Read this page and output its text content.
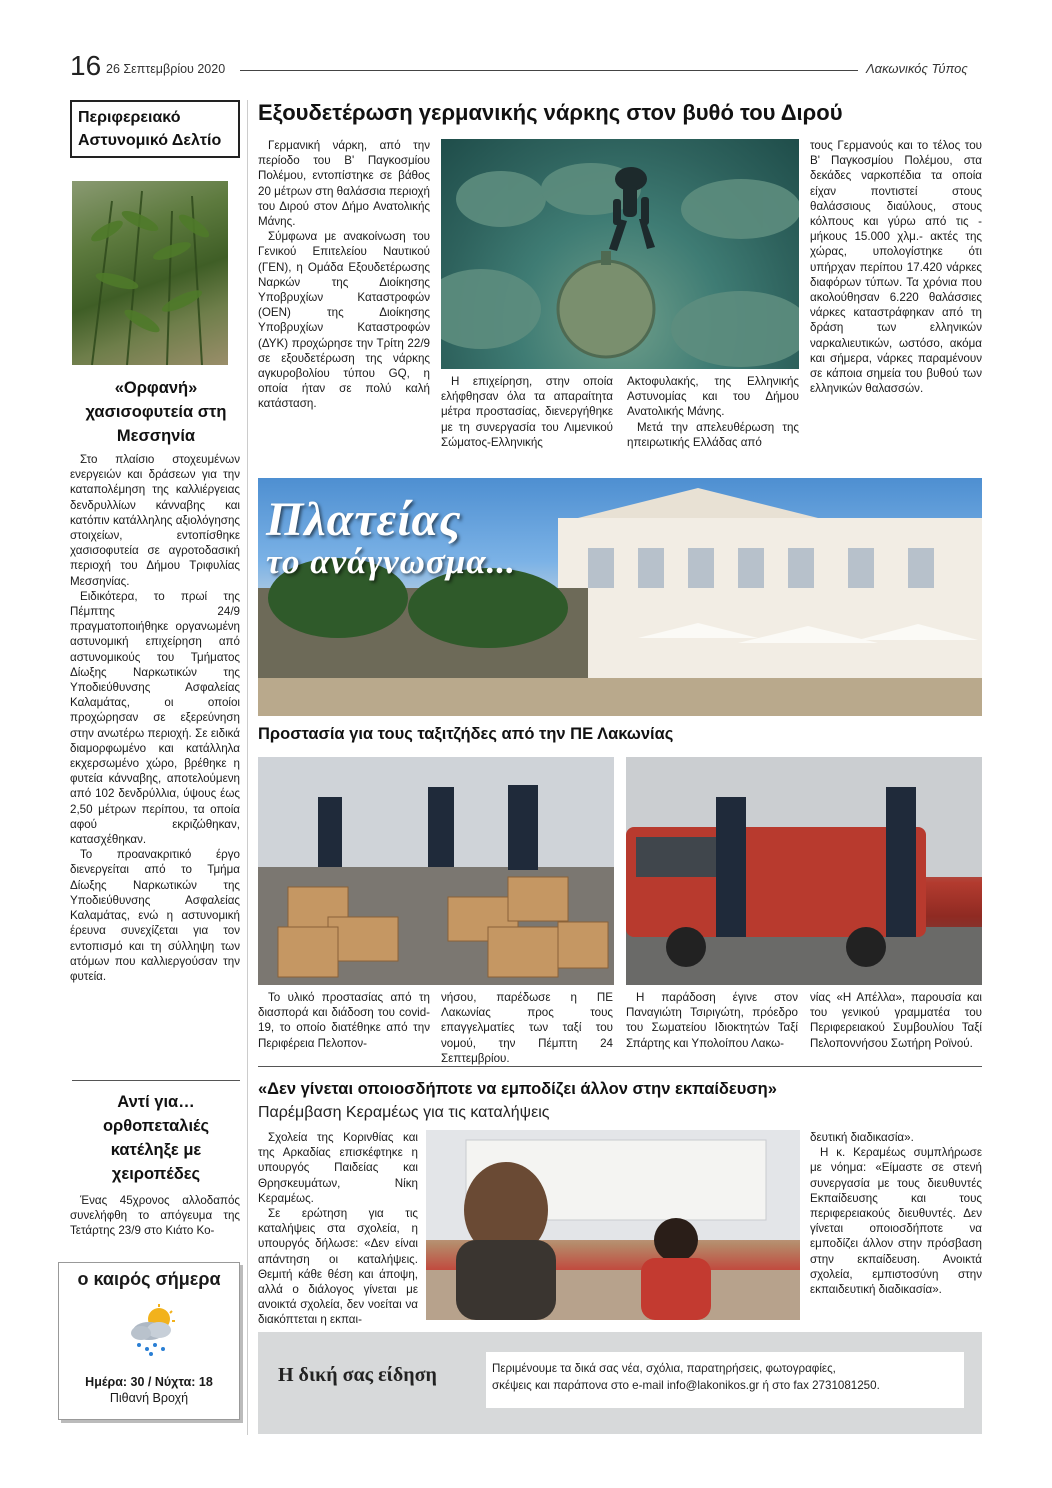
16 26 Σεπτεμβρίου 2020	Λακωνικός Τύπος
Περιφερειακό
Αστυνομικό Δελτίο
«Ορφανή» χασισοφυτεία στη Μεσσηνία

Στο πλαίσιο στοχευμένων ενεργειών και δράσεων για την καταπολέμηση της καλλιέργειας δενδρυλλίων κάνναβης και κατόπιν κατάλληλης αξιολόγησης στοιχείων, εντοπίσθηκε χασισοφυτεία σε αγροτοδασική περιοχή του Δήμου Τριφυλίας Μεσσηνίας.

Ειδικότερα, το πρωί της Πέμπτης 24/9 πραγματοποιήθηκε οργανωμένη αστυνομική επιχείρηση από αστυνομικούς του Τμήματος Δίωξης Ναρκωτικών της Υποδιεύθυνσης Ασφαλείας Καλαμάτας, οι οποίοι προχώρησαν σε εξερεύνηση στην ανωτέρω περιοχή. Σε ειδικά διαμορφωμένο και κατάλληλα εκχερσωμένο χώρο, βρέθηκε η φυτεία κάνναβης, αποτελούμενη από 102 δενδρύλλια, ύψους έως 2,50 μέτρων περίπου, τα οποία αφού εκριζώθηκαν, κατασχέθηκαν.

Το προανακριτικό έργο διενεργείται από το Τμήμα Δίωξης Ναρκωτικών της Υποδιεύθυνσης Ασφαλείας Καλαμάτας, ενώ η αστυνομική έρευνα συνεχίζεται για τον εντοπισμό και τη σύλληψη των ατόμων που καλλιεργούσαν την φυτεία.

Αντί για… ορθοπεταλιές κατέληξε με χειροπέδες

Ένας 45χρονος αλλοδαπός συνελήφθη το απόγευμα της Τετάρτης 23/9 στο Κιάτο Κο-

ο καιρός σήμερα
Ημέρα: 30 / Νύχτα: 18
Πιθανή Βροχή
Εξουδετέρωση γερμανικής νάρκης στον βυθό του Διρού

Γερμανική νάρκη, από την περίοδο του Β' Παγκοσμίου Πολέμου, εντοπίστηκε σε βάθος 20 μέτρων στη θαλάσσια περιοχή του Διρού στον Δήμο Ανατολικής Μάνης.

Σύμφωνα με ανακοίνωση του Γενικού Επιτελείου Ναυτικού (ΓΕΝ), η Ομάδα Εξουδετέρωσης Ναρκών της Διοίκησης Υποβρυχίων Καταστροφών (ΟΕΝ) της Διοίκησης Υποβρυχίων Καταστροφών (ΔΥΚ) προχώρησε την Τρίτη 22/9 σε εξουδετέρωση της νάρκης αγκυροβολίου τύπου GQ, η οποία ήταν σε πολύ καλή κατάσταση.

Η επιχείρηση, στην οποία ελήφθησαν όλα τα απαραίτητα μέτρα προστασίας, διενεργήθηκε με τη συνεργασία του Λιμενικού Σώματος-Ελληνικής

Ακτοφυλακής, της Ελληνικής Αστυνομίας και του Δήμου Ανατολικής Μάνης.

Μετά την απελευθέρωση της ηπειρωτικής Ελλάδας από

τους Γερμανούς και το τέλος του Β' Παγκοσμίου Πολέμου, στα δεκάδες ναρκοπέδια τα οποία είχαν ποντιστεί στους θαλάσσιους διαύλους, στους κόλπους και γύρω από τις - μήκους 15.000 χλμ.- ακτές της χώρας, υπολογίστηκε ότι υπήρχαν περίπου 17.420 νάρκες διαφόρων τύπων. Τα χρόνια που ακολούθησαν 6.220 θαλάσσιες νάρκες καταστράφηκαν από τη δράση των ελληνικών ναρκαλιευτικών, ωστόσο, ακόμα και σήμερα, νάρκες παραμένουν σε κάποια σημεία του βυθού των ελληνικών θαλασσών.

Πλατείας
το ανάγνωσμα...
Προστασία για τους ταξιτζήδες από την ΠΕ Λακωνίας

Το υλικό προστασίας από τη διασπορά και διάδοση του covid-19, το οποίο διατέθηκε από την Περιφέρεια Πελοπον-

νήσου, παρέδωσε η ΠΕ Λακωνίας προς τους επαγγελματίες των ταξί του νομού, την Πέμπτη 24 Σεπτεμβρίου.

Η παράδοση έγινε στον Παναγιώτη Τσιριγώτη, πρόεδρο του Σωματείου Ιδιοκτητών Ταξί Σπάρτης και Υπολοίπου Λακω-

νίας «Η Απέλλα», παρουσία και του γενικού γραμματέα του Περιφερειακού Συμβουλίου Ταξί Πελοποννήσου Σωτήρη Ροϊνού.

«Δεν γίνεται οποιοσδήποτε να εμποδίζει άλλον στην εκπαίδευση»
Παρέμβαση Κεραμέως για τις καταλήψεις

Σχολεία της Κορινθίας και της Αρκαδίας επισκέφτηκε η υπουργός Παιδείας και Θρησκευμάτων, Νίκη Κεραμέως.

Σε ερώτηση για τις καταλήψεις στα σχολεία, η υπουργός δήλωσε: «Δεν είναι απάντηση οι καταλήψεις. Θεμιτή κάθε θέση και άποψη, αλλά ο διάλογος γίνεται με ανοικτά σχολεία, δεν νοείται να διακόπτεται η εκπαι-

δευτική διαδικασία».

Η κ. Κεραμέως συμπλήρωσε με νόημα: «Είμαστε σε στενή συνεργασία με τους διευθυντές Εκπαίδευσης και τους περιφερειακούς διευθυντές. Δεν γίνεται οποιοσδήποτε να εμποδίζει άλλον στην πρόσβαση στην εκπαίδευση. Ανοικτά σχολεία, εμπιστοσύνη στην εκπαιδευτική διαδικασία».

Η δική σας είδηση	Περιμένουμε τα δικά σας νέα, σχόλια, παρατηρήσεις, φωτογραφίες,
σκέψεις και παράπονα στο e-mail info@lakonikos.gr ή στο fax 2731081250.
